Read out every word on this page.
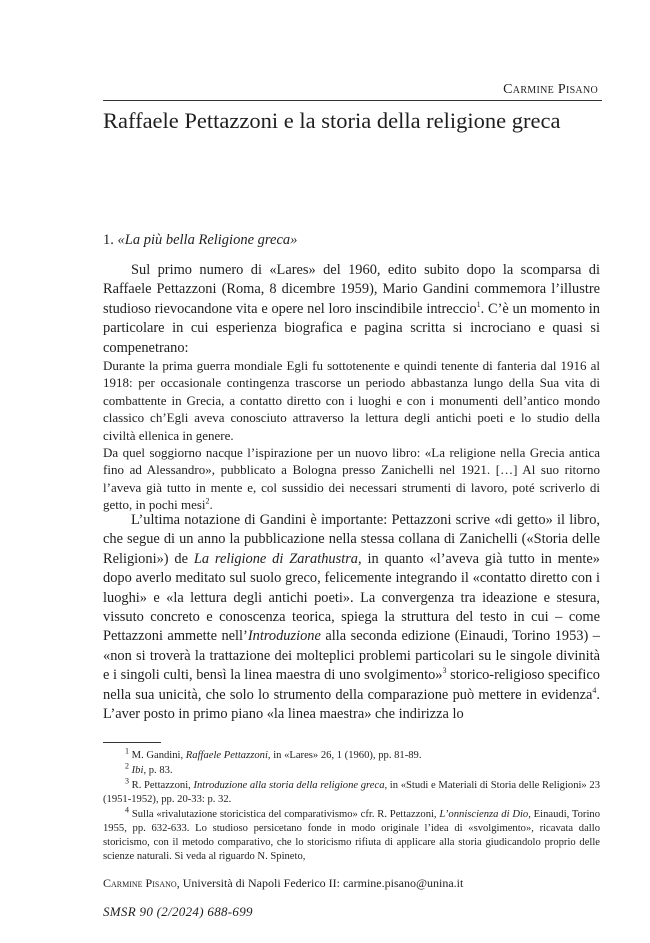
Carmine Pisano
Raffaele Pettazzoni e la storia della religione greca
1. «La più bella Religione greca»
Sul primo numero di «Lares» del 1960, edito subito dopo la scomparsa di Raffaele Pettazzoni (Roma, 8 dicembre 1959), Mario Gandini commemora l’illustre studioso rievocandone vita e opere nel loro inscindibile intreccio$^1$. C’è un momento in particolare in cui esperienza biografica e pagina scritta si incrociano e quasi si compenetrano:

Durante la prima guerra mondiale Egli fu sottotenente e quindi tenente di fanteria dal 1916 al 1918: per occasionale contingenza trascorse un periodo abbastanza lungo della Sua vita di combattente in Grecia, a contatto diretto con i luoghi e con i monumenti dell’antico mondo classico ch’Egli aveva conosciuto attraverso la lettura degli antichi poeti e lo studio della civiltà ellenica in genere.

Da quel soggiorno nacque l’ispirazione per un nuovo libro: «La religione nella Grecia antica fino ad Alessandro», pubblicato a Bologna presso Zanichelli nel 1921. […] Al suo ritorno l’aveva già tutto in mente e, col sussidio dei necessari strumenti di lavoro, poté scriverlo di getto, in pochi mesi$^2$.

L’ultima notazione di Gandini è importante: Pettazzoni scrive «di getto» il libro, che segue di un anno la pubblicazione nella stessa collana di Zanichelli («Storia delle Religioni») de La religione di Zarathustra, in quanto «l’aveva già tutto in mente» dopo averlo meditato sul suolo greco, felicemente integrando il «contatto diretto con i luoghi» e «la lettura degli antichi poeti». La convergenza tra ideazione e stesura, vissuto concreto e conoscenza teorica, spiega la struttura del testo in cui – come Pettazzoni ammette nell’Introduzione alla seconda edizione (Einaudi, Torino 1953) – «non si troverà la trattazione dei molteplici problemi particolari su le singole divinità e i singoli culti, bensì la linea maestra di uno svolgimento»$^3$ storico-religioso specifico nella sua unicità, che solo lo strumento della comparazione può mettere in evidenza$^4$. L’aver posto in primo piano «la linea maestra» che indirizza lo

$^1$ M. Gandini, Raffaele Pettazzoni, in «Lares» 26, 1 (1960), pp. 81-89.

$^2$ Ibi, p. 83.

$^3$ R. Pettazzoni, Introduzione alla storia della religione greca, in «Studi e Materiali di Storia delle Religioni» 23 (1951-1952), pp. 20-33: p. 32.

$^4$ Sulla «rivalutazione storicistica del comparativismo» cfr. R. Pettazzoni, L’onniscienza di Dio, Einaudi, Torino 1955, pp. 632-633. Lo studioso persicetano fonde in modo originale l’idea di «svolgimento», ricavata dallo storicismo, con il metodo comparativo, che lo storicismo rifiuta di applicare alla storia giudicandolo proprio delle scienze naturali. Si veda al riguardo N. Spineto,

Carmine Pisano, Università di Napoli Federico II: carmine.pisano@unina.it
SMSR 90 (2/2024) 688-699
